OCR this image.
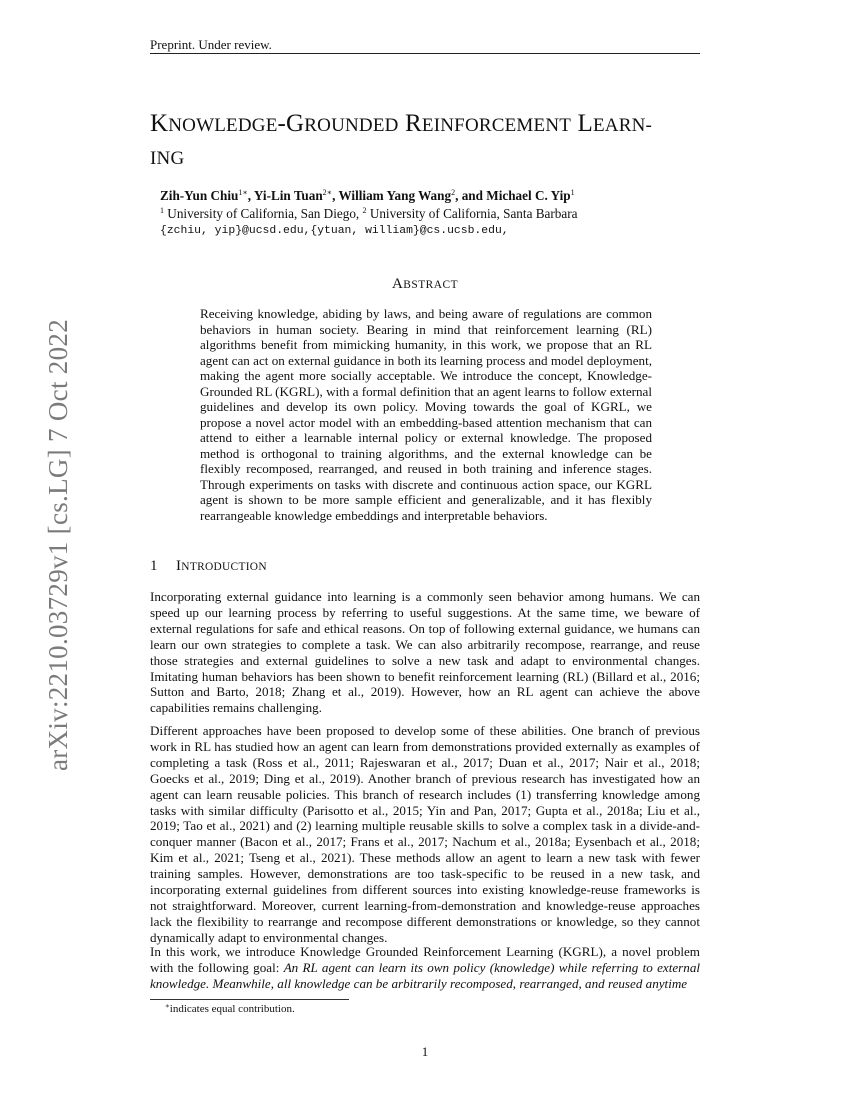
Preprint. Under review.
KNOWLEDGE-GROUNDED REINFORCEMENT LEARN-
ING
Zih-Yun Chiu$^{1∗}$, Yi-Lin Tuan$^{2∗}$, William Yang Wang$^2$, and Michael C. Yip$^1$
$^1$ University of California, San Diego, $^2$ University of California, Santa Barbara
{zchiu, yip}@ucsd.edu,{ytuan, william}@cs.ucsb.edu,
ABSTRACT
Receiving knowledge, abiding by laws, and being aware of regulations are common behaviors in human society. Bearing in mind that reinforcement learning (RL) algorithms benefit from mimicking humanity, in this work, we propose that an RL agent can act on external guidance in both its learning process and model deployment, making the agent more socially acceptable. We introduce the concept, Knowledge-Grounded RL (KGRL), with a formal definition that an agent learns to follow external guidelines and develop its own policy. Moving towards the goal of KGRL, we propose a novel actor model with an embedding-based attention mechanism that can attend to either a learnable internal policy or external knowledge. The proposed method is orthogonal to training algorithms, and the external knowledge can be flexibly recomposed, rearranged, and reused in both training and inference stages. Through experiments on tasks with discrete and continuous action space, our KGRL agent is shown to be more sample efficient and generalizable, and it has flexibly rearrangeable knowledge embeddings and interpretable behaviors.
arXiv:2210.03729v1 [cs.LG] 7 Oct 2022	1 INTRODUCTION
Incorporating external guidance into learning is a commonly seen behavior among humans. We can speed up our learning process by referring to useful suggestions. At the same time, we beware of external regulations for safe and ethical reasons. On top of following external guidance, we humans can learn our own strategies to complete a task. We can also arbitrarily recompose, rearrange, and reuse those strategies and external guidelines to solve a new task and adapt to environmental changes. Imitating human behaviors has been shown to benefit reinforcement learning (RL) (Billard et al., 2016; Sutton and Barto, 2018; Zhang et al., 2019). However, how an RL agent can achieve the above capabilities remains challenging.
Different approaches have been proposed to develop some of these abilities. One branch of previous work in RL has studied how an agent can learn from demonstrations provided externally as examples of completing a task (Ross et al., 2011; Rajeswaran et al., 2017; Duan et al., 2017; Nair et al., 2018; Goecks et al., 2019; Ding et al., 2019). Another branch of previous research has investigated how an agent can learn reusable policies. This branch of research includes (1) transferring knowledge among tasks with similar difficulty (Parisotto et al., 2015; Yin and Pan, 2017; Gupta et al., 2018a; Liu et al., 2019; Tao et al., 2021) and (2) learning multiple reusable skills to solve a complex task in a divide-and-conquer manner (Bacon et al., 2017; Frans et al., 2017; Nachum et al., 2018a; Eysenbach et al., 2018; Kim et al., 2021; Tseng et al., 2021). These methods allow an agent to learn a new task with fewer training samples. However, demonstrations are too task-specific to be reused in a new task, and incorporating external guidelines from different sources into existing knowledge-reuse frameworks is not straightforward. Moreover, current learning-from-demonstration and knowledge-reuse approaches lack the flexibility to rearrange and recompose different demonstrations or knowledge, so they cannot dynamically adapt to environmental changes.
In this work, we introduce Knowledge Grounded Reinforcement Learning (KGRL), a novel problem with the following goal: An RL agent can learn its own policy (knowledge) while referring to external knowledge. Meanwhile, all knowledge can be arbitrarily recomposed, rearranged, and reused anytime
∗indicates equal contribution.
1
